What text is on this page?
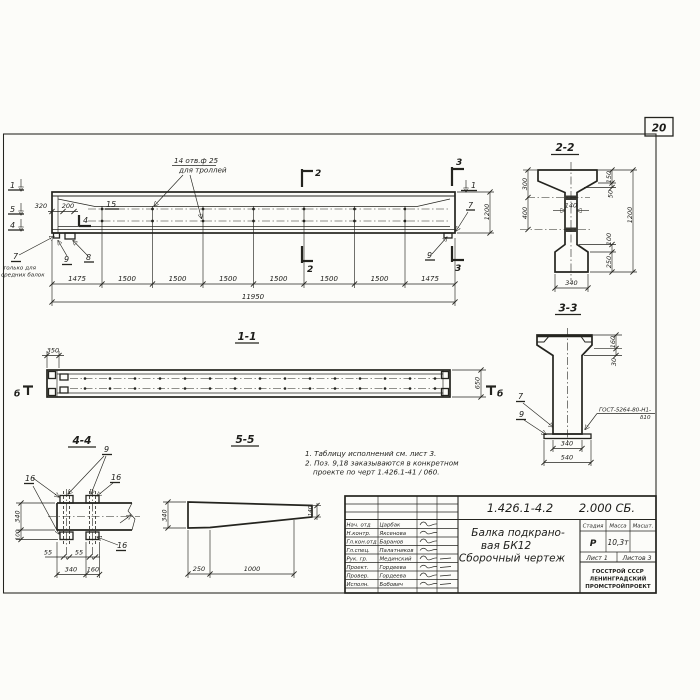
20
1475	1500	1500	1500	1500	1500	1500	1475
11950
1
5
4
320 200	15
4
7
только для
средних балок
9 8
14 отв.ф 25
для троллей	2
2
3
3
1
1200
7
9
2-2
140
300
400
150
50
100
250
1200
340
3-3
160
30
7
9	ГОСТ-5264-80-Н1-
δ10
340
540
1-1
350
650
б	б
4-4
9
16	16
16
340
100
55	55
340 160
5-5
340	140
250	1000
1. Таблицу исполнений см. лист 3.
2. Поз. 9,18 заказываются в конкретном
проекте по черт 1.426.1-41 / 060.
1.426.1-4.2 2.000 СБ.
Балка подкрано-
вая БК12
Сборочный чертеж
Стадия Масса Масшт.
Р 10,3т
Лист 1 Листов 3
ГОССТРОЙ СССР
ЛЕНИНГРАДСКИЙ
ПРОМСТРОЙПРОЕКТ
Нач. отд Царбак
Н.контр. Яксенова
Гл.кон.отд Баранов
Гл.спец. Палатников
Рук. гр. Мединский
Проект. Гордеева
Провер. Гордеева
Исполн. Бобович
